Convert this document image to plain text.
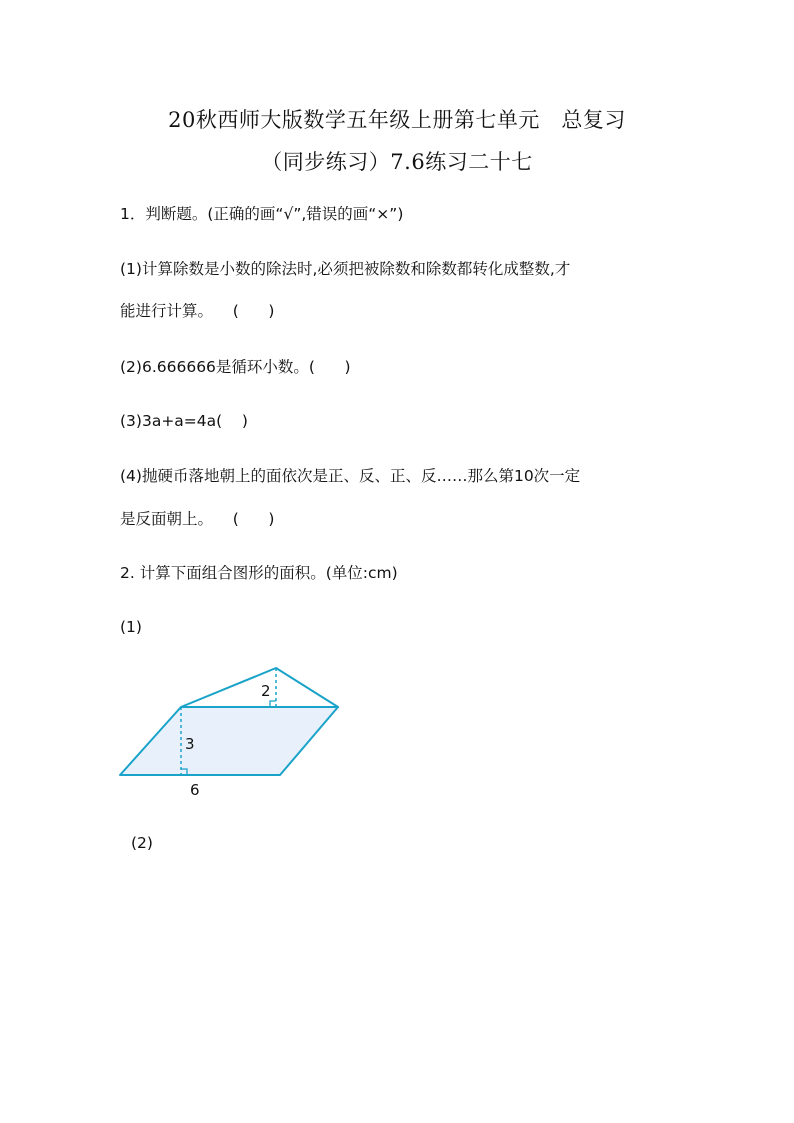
20秋西师大版数学五年级上册第七单元   总复习
（同步练习）7.6练习二十七
1．判断题。(正确的画“√”,错误的画“×”)
(1)计算除数是小数的除法时,必须把被除数和除数都转化成整数,才
能进行计算。    (      )
(2)6.666666是循环小数。(      )
(3)3a+a=4a(    )
(4)抛硬币落地朝上的面依次是正、反、正、反……那么第10次一定
是反面朝上。    (      )
2. 计算下面组合图形的面积。(单位:cm)
(1)
2
3
6
(2)
